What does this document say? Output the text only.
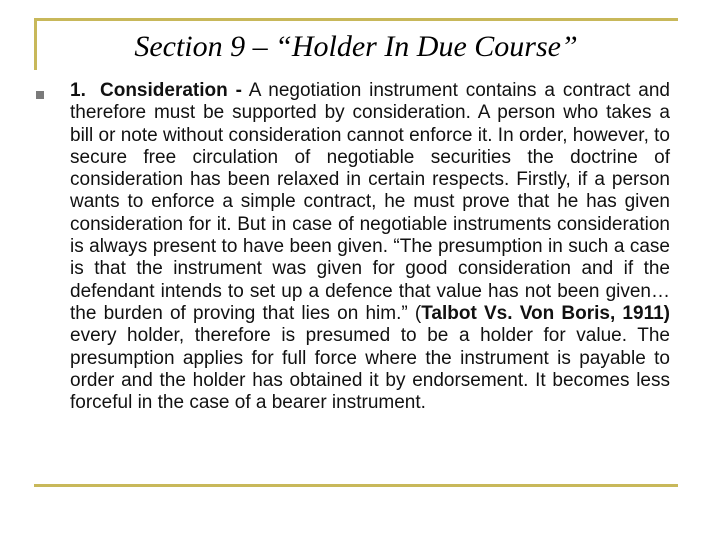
Section 9 – “Holder In Due Course”
1. Consideration - A negotiation instrument contains a contract and therefore must be supported by consideration. A person who takes a bill or note without consideration cannot enforce it. In order, however, to secure free circulation of negotiable securities the doctrine of consideration has been relaxed in certain respects. Firstly, if a person wants to enforce a simple contract, he must prove that he has given consideration for it. But in case of negotiable instruments consideration is always present to have been given. “The presumption in such a case is that the instrument was given for good consideration and if the defendant intends to set up a defence that value has not been given… the burden of proving that lies on him.” (Talbot Vs. Von Boris, 1911) every holder, therefore is presumed to be a holder for value. The presumption applies for full force where the instrument is payable to order and the holder has obtained it by endorsement. It becomes less forceful in the case of a bearer instrument.
